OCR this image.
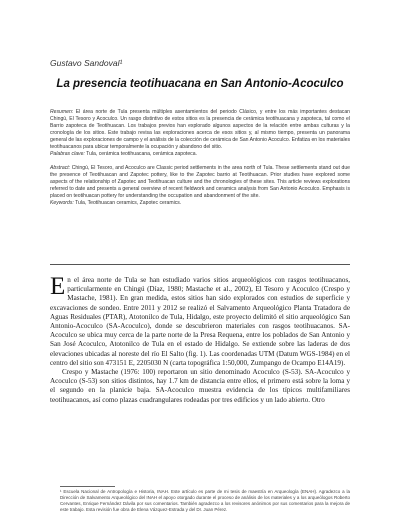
Gustavo Sandoval¹
La presencia teotihuacana en San Antonio-Acoculco

Resumen: El área norte de Tula presenta múltiples asentamientos del periodo Clásico, y entre los más importantes destacan Chingú, El Tesoro y Acoculco. Un rasgo distintivo de estos sitios es la presencia de cerámica teotihuacana y zapoteca, tal como el Barrio zapoteca de Teotihuacan. Los trabajos previos han explorado algunos aspectos de la relación entre ambas culturas y la cronología de los sitios. Este trabajo revisa las exploraciones acerca de esos sitios y, al mismo tiempo, presenta un panorama general de las exploraciones de campo y el análisis de la colección de cerámica de San Antonio Acoculco. Enfatiza en los materiales teotihuacanos para ubicar temporalmente la ocupación y abandono del sitio.

Palabras clave: Tula, cerámica teotihuacana, cerámica zapoteca.

Abstract: Chingú, El Tesoro, and Acoculco are Classic period settlements in the area north of Tula. These settlements stand out due the presence of Teotihuacan and Zapotec pottery, like to the Zapotec barrio at Teotihuacan. Prior studies have explored some aspects of the relationship of Zapotec and Teotihuacan culture and the chronologies of these sites. This article reviews explorations referred to date and presents a general overview of recent fieldwork and ceramics analysis from San Antonio Acoculco. Emphasis is placed on teotihuacan pottery for understanding the occupation and abandonment of the site.

Keywords: Tula, Teotihuacan ceramics, Zapotec ceramics.

En el área norte de Tula se han estudiado varios sitios arqueológicos con rasgos teotihuacanos, particularmente en Chingú (Díaz, 1980; Mastache et al., 2002), El Tesoro y Acoculco (Crespo y Mastache, 1981). En gran medida, estos sitios han sido explorados con estudios de superficie y excavaciones de sondeo. Entre 2011 y 2012 se realizó el Salvamento Arqueológico Planta Tratadora de Aguas Residuales (PTAR), Atotonilco de Tula, Hidalgo, este proyecto delimitó el sitio arqueológico San Antonio-Acoculco (SA-Acoculco), donde se descubrieron materiales con rasgos teotihuacanos. SA-Acoculco se ubica muy cerca de la parte norte de la Presa Requena, entre los poblados de San Antonio y San José Acoculco, Atotonilco de Tula en el estado de Hidalgo. Se extiende sobre las laderas de dos elevaciones ubicadas al noreste del río El Salto (fig. 1). Las coordenadas UTM (Datum WGS-1984) en el centro del sitio son 473151 E, 2205030 N (carta topográfica 1:50,000, Zumpango de Ocampo E14A19).

Crespo y Mastache (1976: 100) reportaron un sitio denominado Acoculco (S-53). SA-Acoculco y Acoculco (S-53) son sitios distintos, hay 1.7 km de distancia entre ellos, el primero está sobre la loma y el segundo en la planicie baja. SA-Acoculco muestra evidencia de los típicos multifamiliares teotihuacanos, así como plazas cuadrangulares rodeadas por tres edificios y un lado abierto. Otro

¹ Escuela Nacional de Antropología e Historia, INAH. Este artículo es parte de mi tesis de maestría en Arqueología (ENAH). Agradezco a la Dirección de Salvamento Arqueológico del INAH el apoyo otorgado durante el proceso de análisis de los materiales y a los arqueólogos Roberto Cervantes, Enrique Fernández Dávila por sus comentarios. También agradezco a los revisores anónimos por sus comentarios para la mejora de este trabajo. Esta revisión fue obra de Elena Vázquez-Estrada y del Dr. Juan Pérez.
